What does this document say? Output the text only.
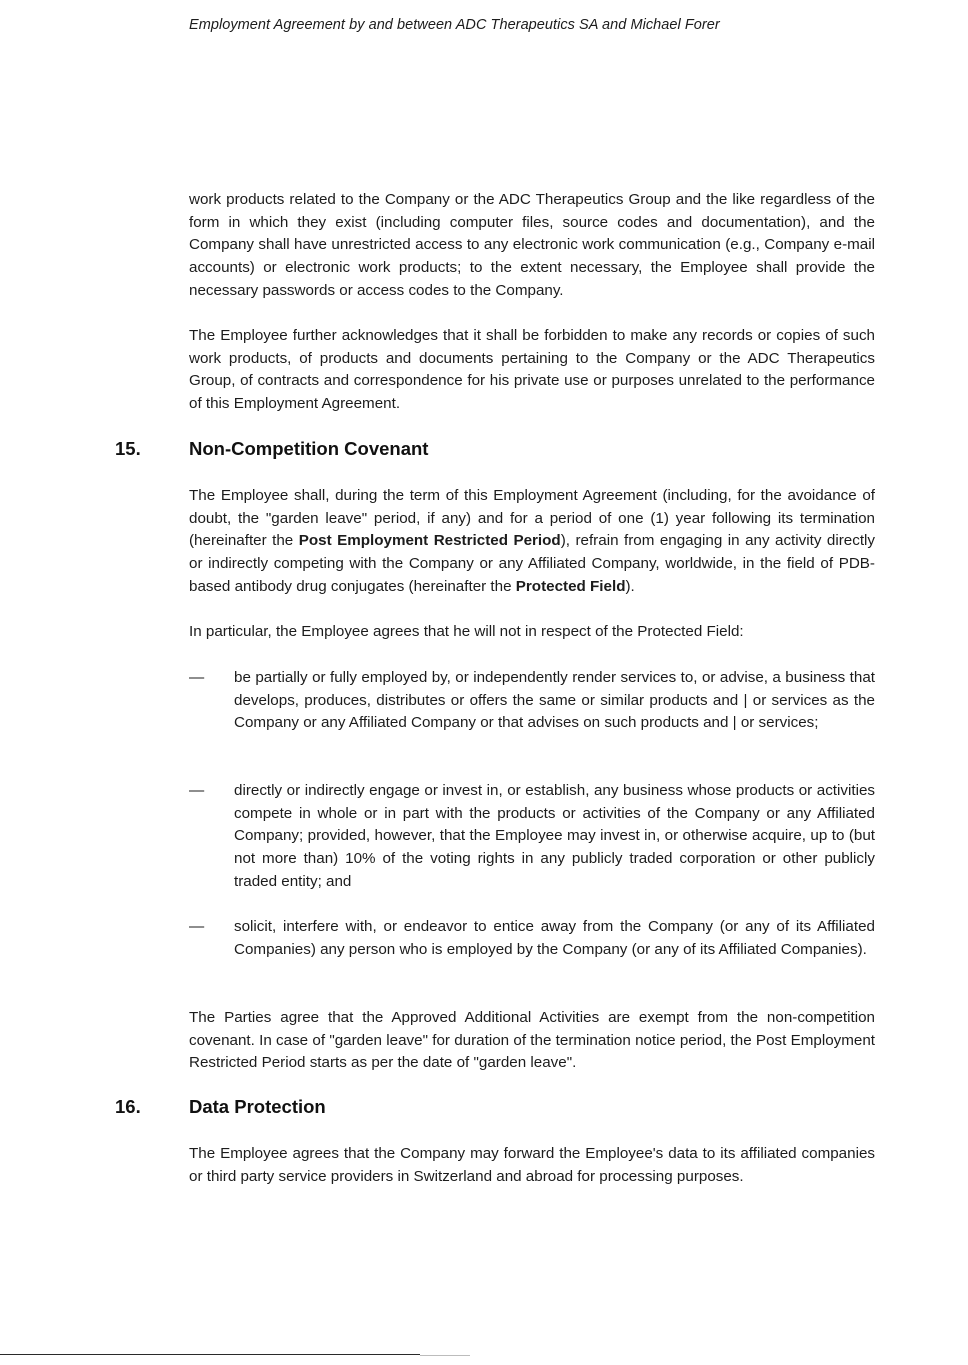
Employment Agreement by and between ADC Therapeutics SA and Michael Forer

work products related to the Company or the ADC Therapeutics Group and the like regardless of the form in which they exist (including computer files, source codes and documentation), and the Company shall have unrestricted access to any electronic work communication (e.g., Company e-mail accounts) or electronic work products; to the extent necessary, the Employee shall provide the necessary passwords or access codes to the Company.

The Employee further acknowledges that it shall be forbidden to make any records or copies of such work products, of products and documents pertaining to the Company or the ADC Therapeutics Group, of contracts and correspondence for his private use or purposes unrelated to the performance of this Employment Agreement.

15.	Non-Competition Covenant

The Employee shall, during the term of this Employment Agreement (including, for the avoidance of doubt, the "garden leave" period, if any) and for a period of one (1) year following its termination (hereinafter the Post Employment Restricted Period), refrain from engaging in any activity directly or indirectly competing with the Company or any Affiliated Company, worldwide, in the field of PDB-based antibody drug conjugates (hereinafter the Protected Field).

In particular, the Employee agrees that he will not in respect of the Protected Field:

— be partially or fully employed by, or independently render services to, or advise, a business that develops, produces, distributes or offers the same or similar products and | or services as the Company or any Affiliated Company or that advises on such products and | or services;

— directly or indirectly engage or invest in, or establish, any business whose products or activities compete in whole or in part with the products or activities of the Company or any Affiliated Company; provided, however, that the Employee may invest in, or otherwise acquire, up to (but not more than) 10% of the voting rights in any publicly traded corporation or other publicly traded entity; and

— solicit, interfere with, or endeavor to entice away from the Company (or any of its Affiliated Companies) any person who is employed by the Company (or any of its Affiliated Companies).

The Parties agree that the Approved Additional Activities are exempt from the non-competition covenant. In case of "garden leave" for duration of the termination notice period, the Post Employment Restricted Period starts as per the date of "garden leave".

16.	Data Protection

The Employee agrees that the Company may forward the Employee's data to its affiliated companies or third party service providers in Switzerland and abroad for processing purposes.
